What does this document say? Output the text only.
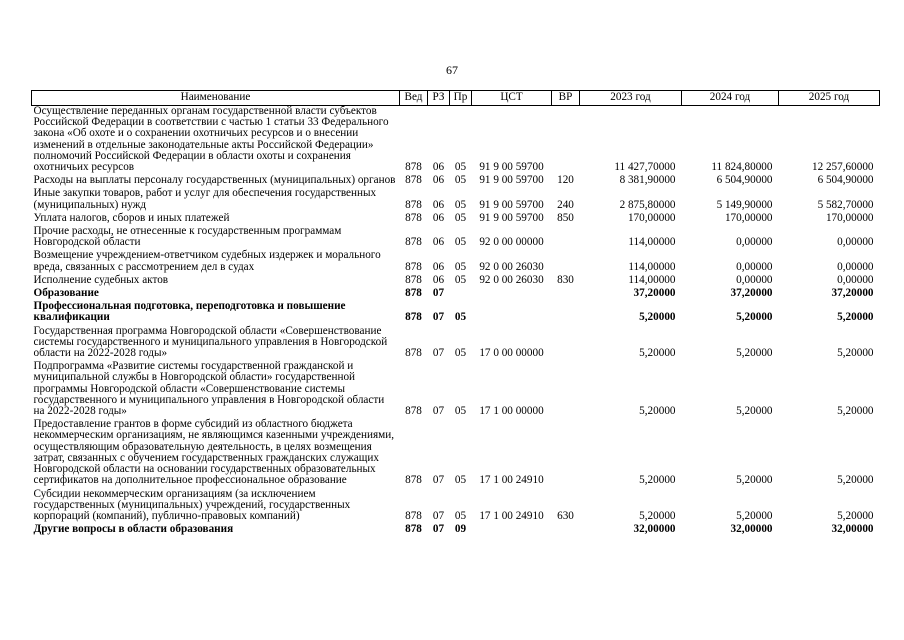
67
Наименование	Вед	РЗ	Пр	ЦСТ	ВР	2023 год	2024 год	2025 год
Осуществление переданных органам государственной власти субъектов Российской Федерации в соответствии с частью 1 статьи 33 Федерального закона «Об охоте и о сохранении охотничьих ресурсов и о внесении изменений в отдельные законодательные акты Российской Федерации» полномочий Российской Федерации в области охоты и сохранения охотничьих ресурсов	878	06	05	91 9 00 59700		11 427,70000	11 824,80000	12 257,60000
Расходы на выплаты персоналу государственных (муниципальных) органов	878	06	05	91 9 00 59700	120	8 381,90000	6 504,90000	6 504,90000
Иные закупки товаров, работ и услуг для обеспечения государственных (муниципальных) нужд	878	06	05	91 9 00 59700	240	2 875,80000	5 149,90000	5 582,70000
Уплата налогов, сборов и иных платежей	878	06	05	91 9 00 59700	850	170,00000	170,00000	170,00000
Прочие расходы, не отнесенные к государственным программам Новгородской области	878	06	05	92 0 00 00000		114,00000	0,00000	0,00000
Возмещение учреждением-ответчиком судебных издержек и морального вреда, связанных с рассмотрением дел в судах	878	06	05	92 0 00 26030		114,00000	0,00000	0,00000
Исполнение судебных актов	878	06	05	92 0 00 26030	830	114,00000	0,00000	0,00000
Образование	878	07				37,20000	37,20000	37,20000
Профессиональная подготовка, переподготовка и повышение квалификации	878	07	05			5,20000	5,20000	5,20000
Государственная программа Новгородской области «Совершенствование системы государственного и муниципального управления в Новгородской области на 2022-2028 годы»	878	07	05	17 0 00 00000		5,20000	5,20000	5,20000
Подпрограмма «Развитие системы государственной гражданской и муниципальной службы в Новгородской области» государственной программы Новгородской области «Совершенствование системы государственного и муниципального управления в Новгородской области на 2022-2028 годы»	878	07	05	17 1 00 00000		5,20000	5,20000	5,20000
Предоставление грантов в форме субсидий из областного бюджета некоммерческим организациям, не являющимся казенными учреждениями, осуществляющим образовательную деятельность, в целях возмещения затрат, связанных с обучением государственных гражданских служащих Новгородской области на основании государственных образовательных сертификатов на дополнительное профессиональное образование	878	07	05	17 1 00 24910		5,20000	5,20000	5,20000
Субсидии некоммерческим организациям (за исключением государственных (муниципальных) учреждений, государственных корпораций (компаний), публично-правовых компаний)	878	07	05	17 1 00 24910	630	5,20000	5,20000	5,20000
Другие вопросы в области образования	878	07	09			32,00000	32,00000	32,00000
